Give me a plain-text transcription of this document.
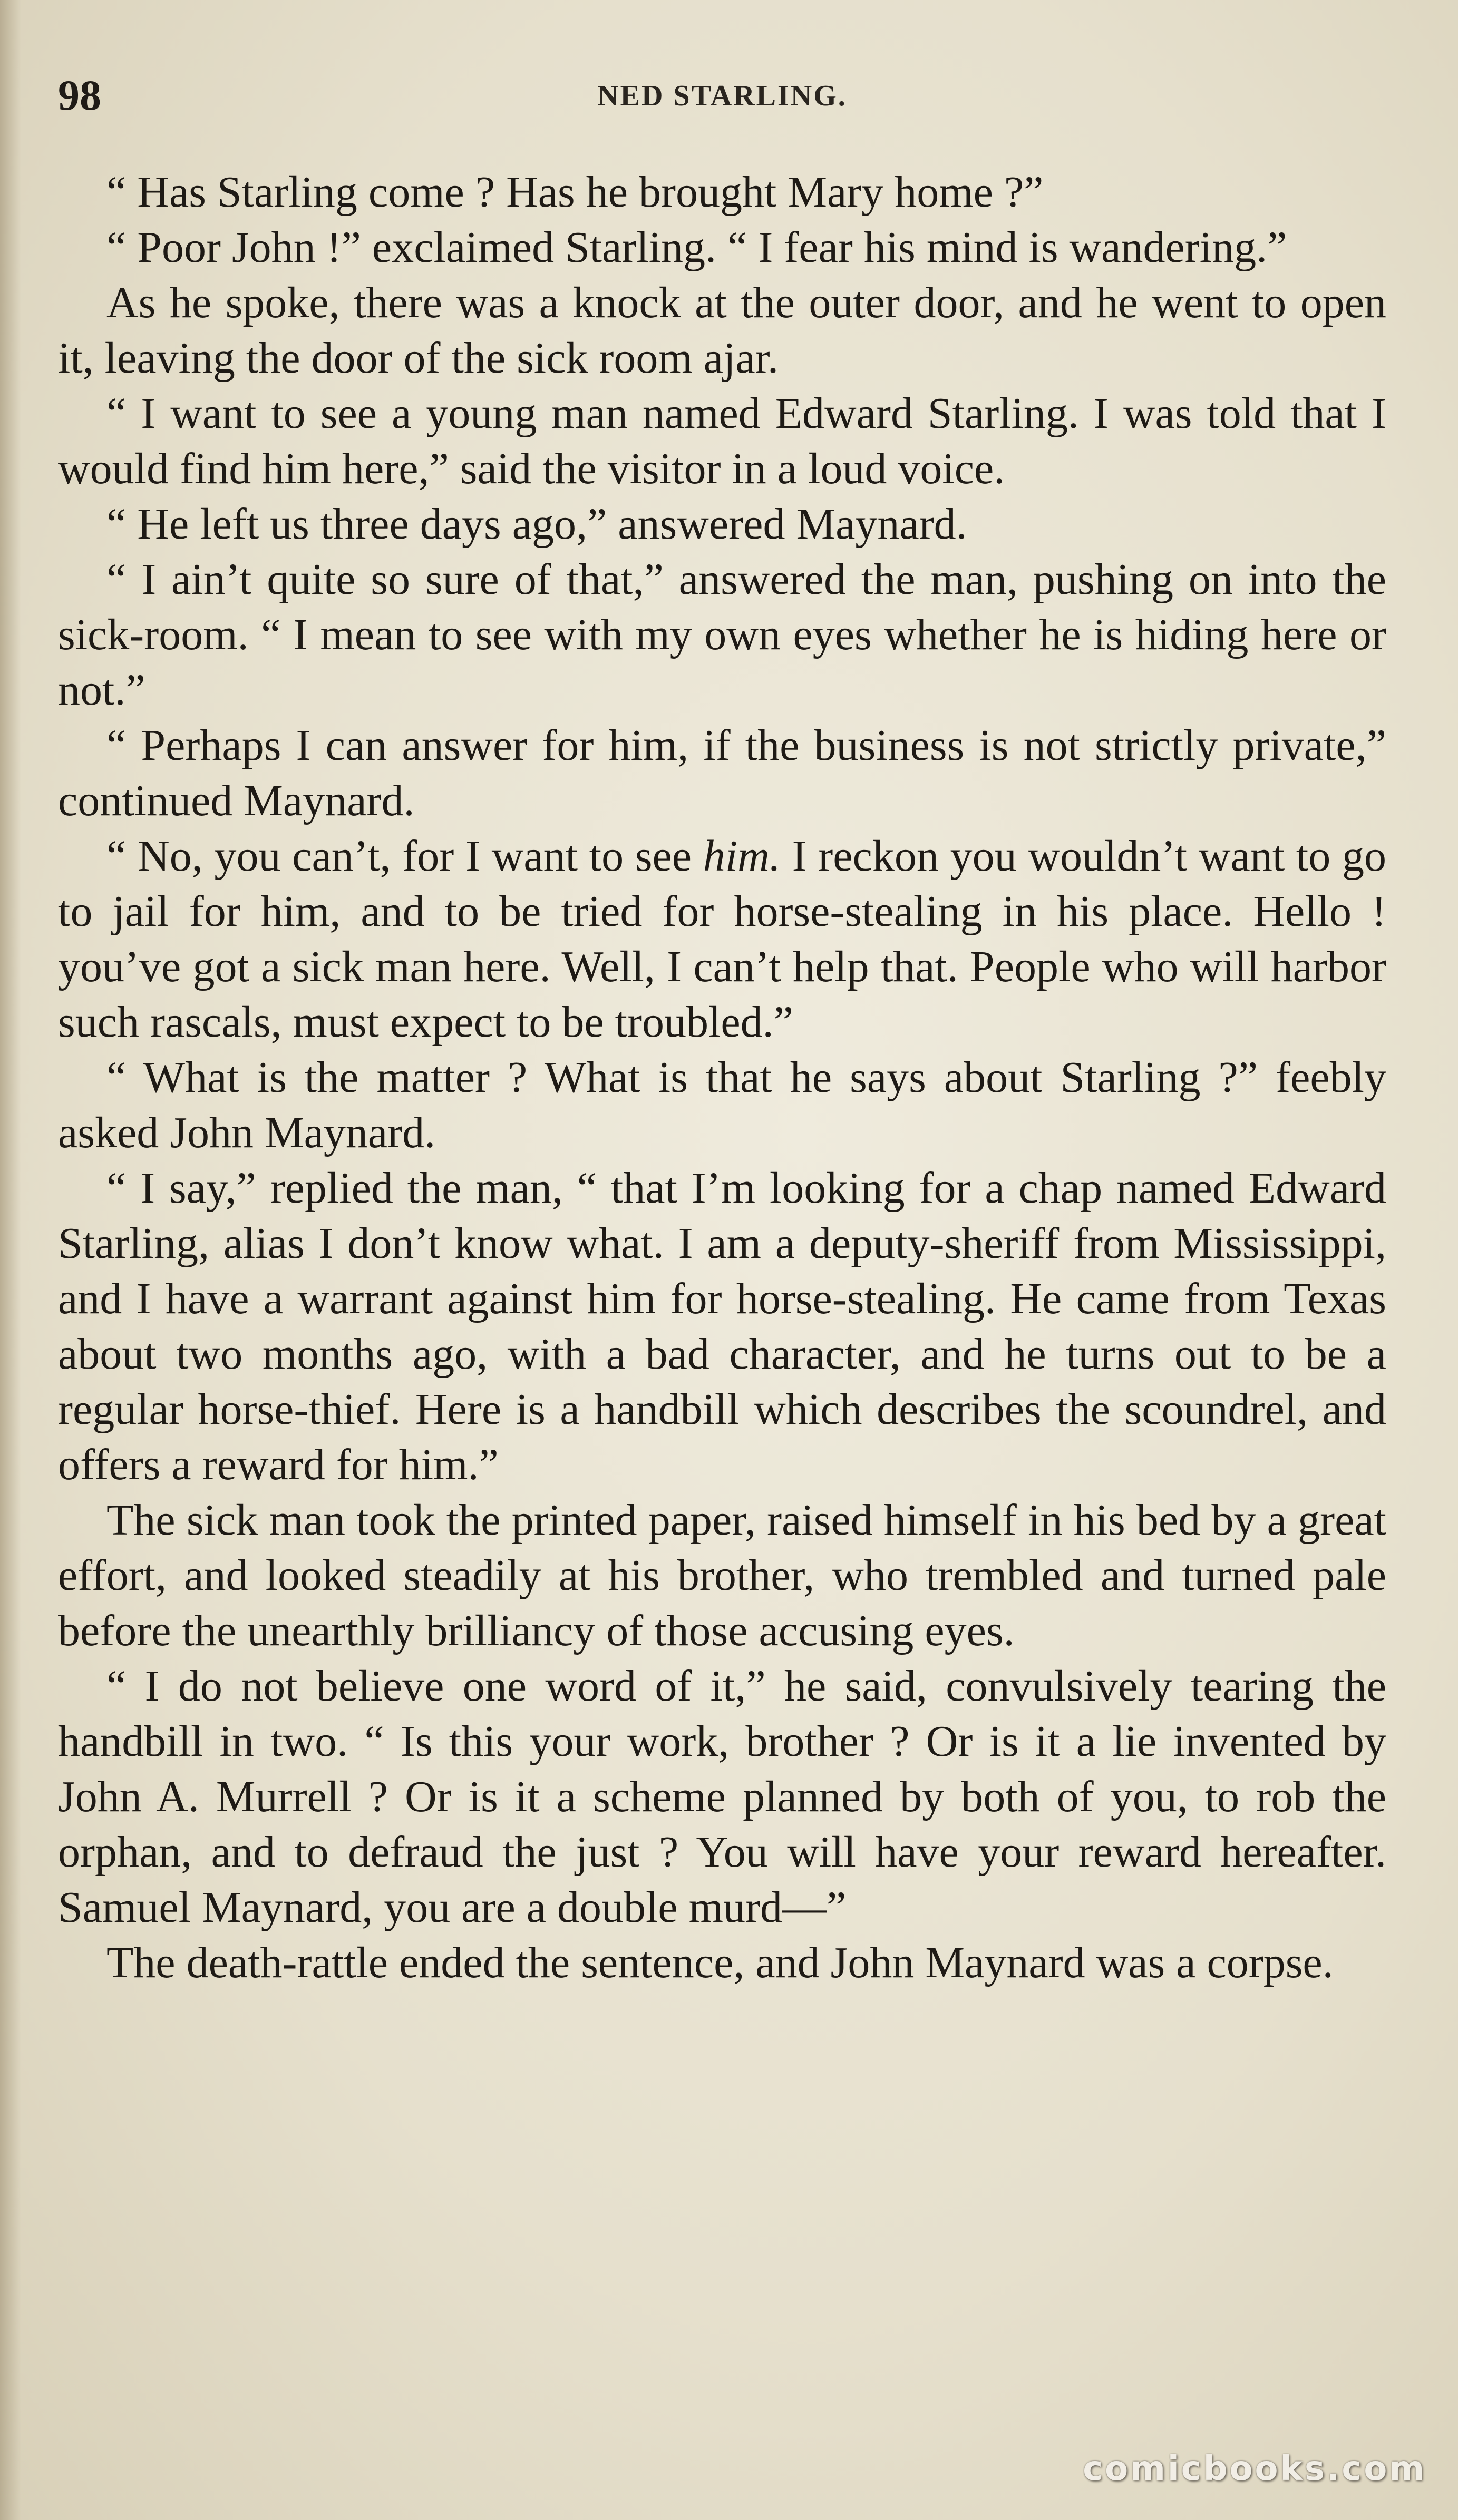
98	NED STARLING.

“ Has Starling come ? Has he brought Mary home ?”

“ Poor John !” exclaimed Starling. “ I fear his mind is wandering.”

As he spoke, there was a knock at the outer door, and he went to open it, leaving the door of the sick room ajar.

“ I want to see a young man named Edward Starling. I was told that I would find him here,” said the visitor in a loud voice.

“ He left us three days ago,” answered Maynard.

“ I ain’t quite so sure of that,” answered the man, pushing on into the sick-room. “ I mean to see with my own eyes whether he is hiding here or not.”

“ Perhaps I can answer for him, if the business is not strictly private,” continued Maynard.

“ No, you can’t, for I want to see him. I reckon you wouldn’t want to go to jail for him, and to be tried for horse-stealing in his place. Hello ! you’ve got a sick man here. Well, I can’t help that. People who will harbor such rascals, must expect to be troubled.”

“ What is the matter ? What is that he says about Starling ?” feebly asked John Maynard.

“ I say,” replied the man, “ that I’m looking for a chap named Edward Starling, alias I don’t know what. I am a deputy-sheriff from Mississippi, and I have a warrant against him for horse-stealing. He came from Texas about two months ago, with a bad character, and he turns out to be a regular horse-thief. Here is a handbill which describes the scoundrel, and offers a reward for him.”

The sick man took the printed paper, raised himself in his bed by a great effort, and looked steadily at his brother, who trembled and turned pale before the unearthly brilliancy of those accusing eyes.

“ I do not believe one word of it,” he said, convulsively tearing the handbill in two. “ Is this your work, brother ? Or is it a lie invented by John A. Murrell ? Or is it a scheme planned by both of you, to rob the orphan, and to defraud the just ? You will have your reward hereafter. Samuel Maynard, you are a double murd—”

The death-rattle ended the sentence, and John Maynard was a corpse.

comicbooks.com
